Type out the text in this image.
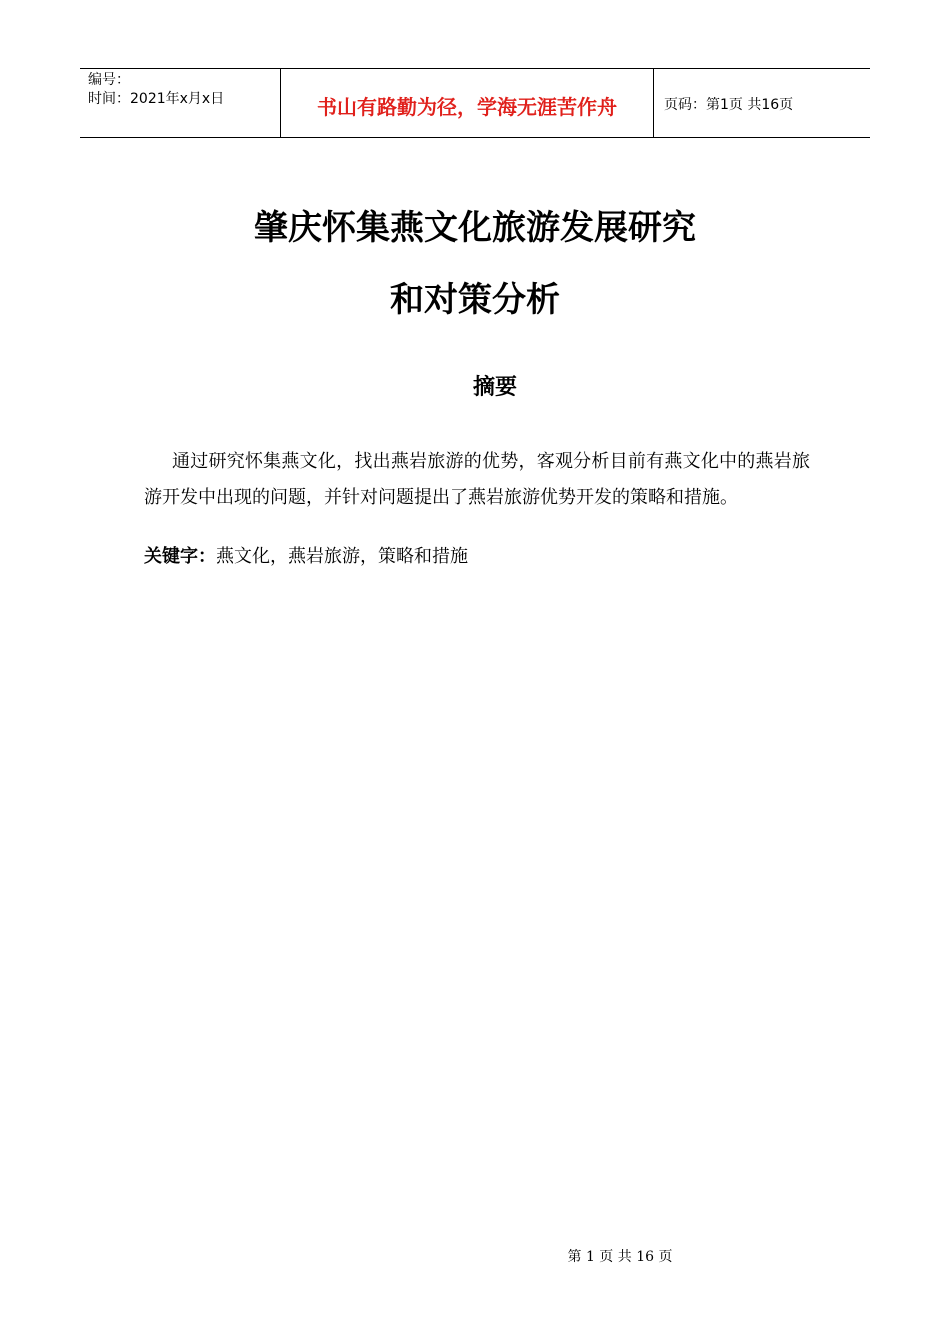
编号：
时间：2021年x月x日	书山有路勤为径，学海无涯苦作舟	页码：第1页 共16页
肇庆怀集燕文化旅游发展研究
和对策分析
摘要
通过研究怀集燕文化，找出燕岩旅游的优势，客观分析目前有燕文化中的燕岩旅游开发中出现的问题，并针对问题提出了燕岩旅游优势开发的策略和措施。
关键字：燕文化，燕岩旅游，策略和措施
第 1 页 共 16 页
